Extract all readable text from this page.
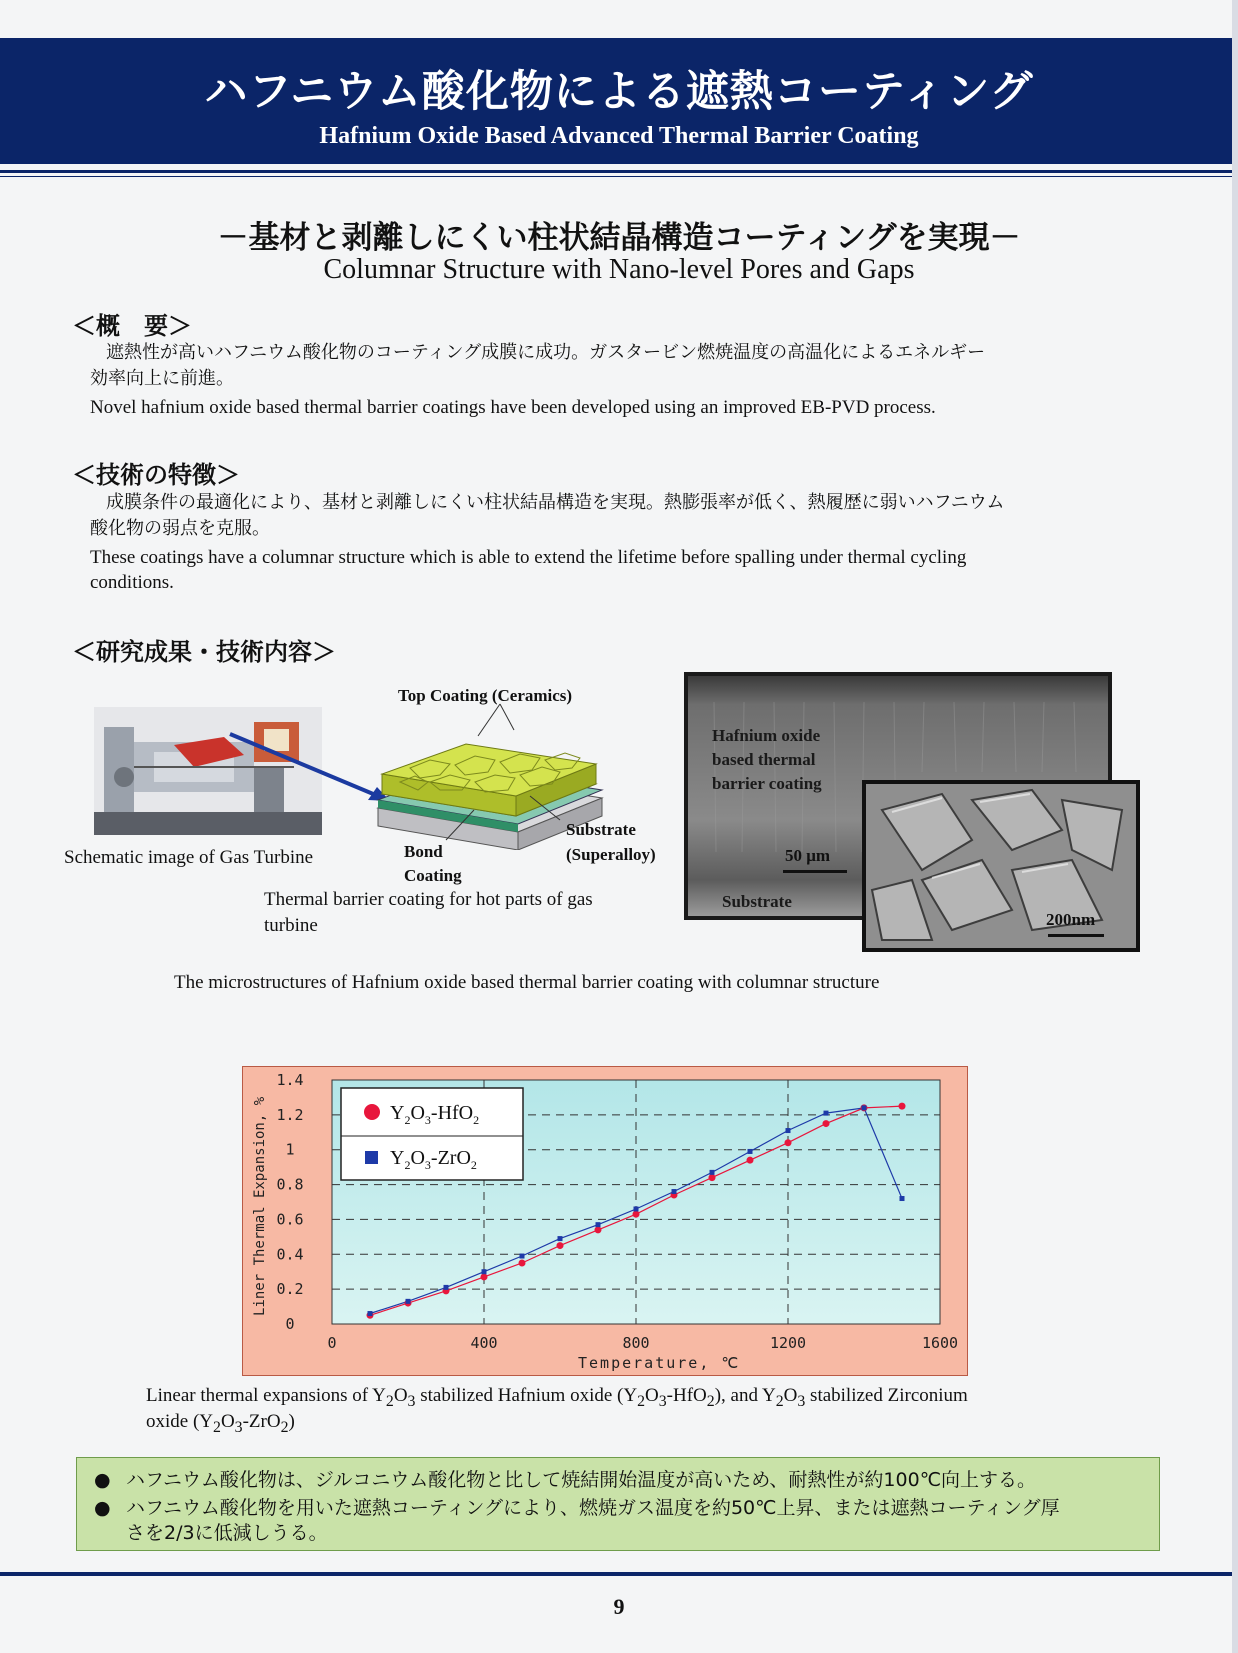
ハフニウム酸化物による遮熱コーティング
Hafnium Oxide Based Advanced Thermal Barrier Coating
－基材と剥離しにくい柱状結晶構造コーティングを実現－
Columnar Structure with Nano-level Pores and Gaps
＜概　要＞
遮熱性が高いハフニウム酸化物のコーティング成膜に成功。ガスタービン燃焼温度の高温化によるエネルギー
効率向上に前進。
Novel hafnium oxide based thermal barrier coatings have been developed using an improved EB-PVD process.
＜技術の特徴＞
成膜条件の最適化により、基材と剥離しにくい柱状結晶構造を実現。熱膨張率が低く、熱履歴に弱いハフニウム
酸化物の弱点を克服。
These coatings have a columnar structure which is able to extend the lifetime before spalling under thermal cycling
conditions.
＜研究成果・技術内容＞
Schematic image of Gas Turbine
Top Coating (Ceramics)
Substrate
(Superalloy)
Bond
Coating
Thermal barrier coating for hot parts of gas
turbine
Hafnium oxide
based thermal
barrier coating
50 μm
Substrate
200nm
The microstructures of Hafnium oxide based thermal barrier coating with columnar structure
0
0.2
0.4
0.6
0.8
1
1.2
1.4
0	400	800	1200	1600
$Y_2O_3-HfO_2$
$Y_2O_3-ZrO_2$
Temperature, ℃
Liner Thermal Expansion, %
Linear thermal expansions of $Y_2O_3$ stabilized Hafnium oxide $(Y_2O_3-HfO_2)$, and $Y_2O_3$ stabilized Zirconium
oxide $(Y_2O_3-ZrO_2)$
● ハフニウム酸化物は、ジルコニウム酸化物と比して焼結開始温度が高いため、耐熱性が約100℃向上する。
● ハフニウム酸化物を用いた遮熱コーティングにより、燃焼ガス温度を約50℃上昇、または遮熱コーティング厚
さを2/3に低減しうる。
9
